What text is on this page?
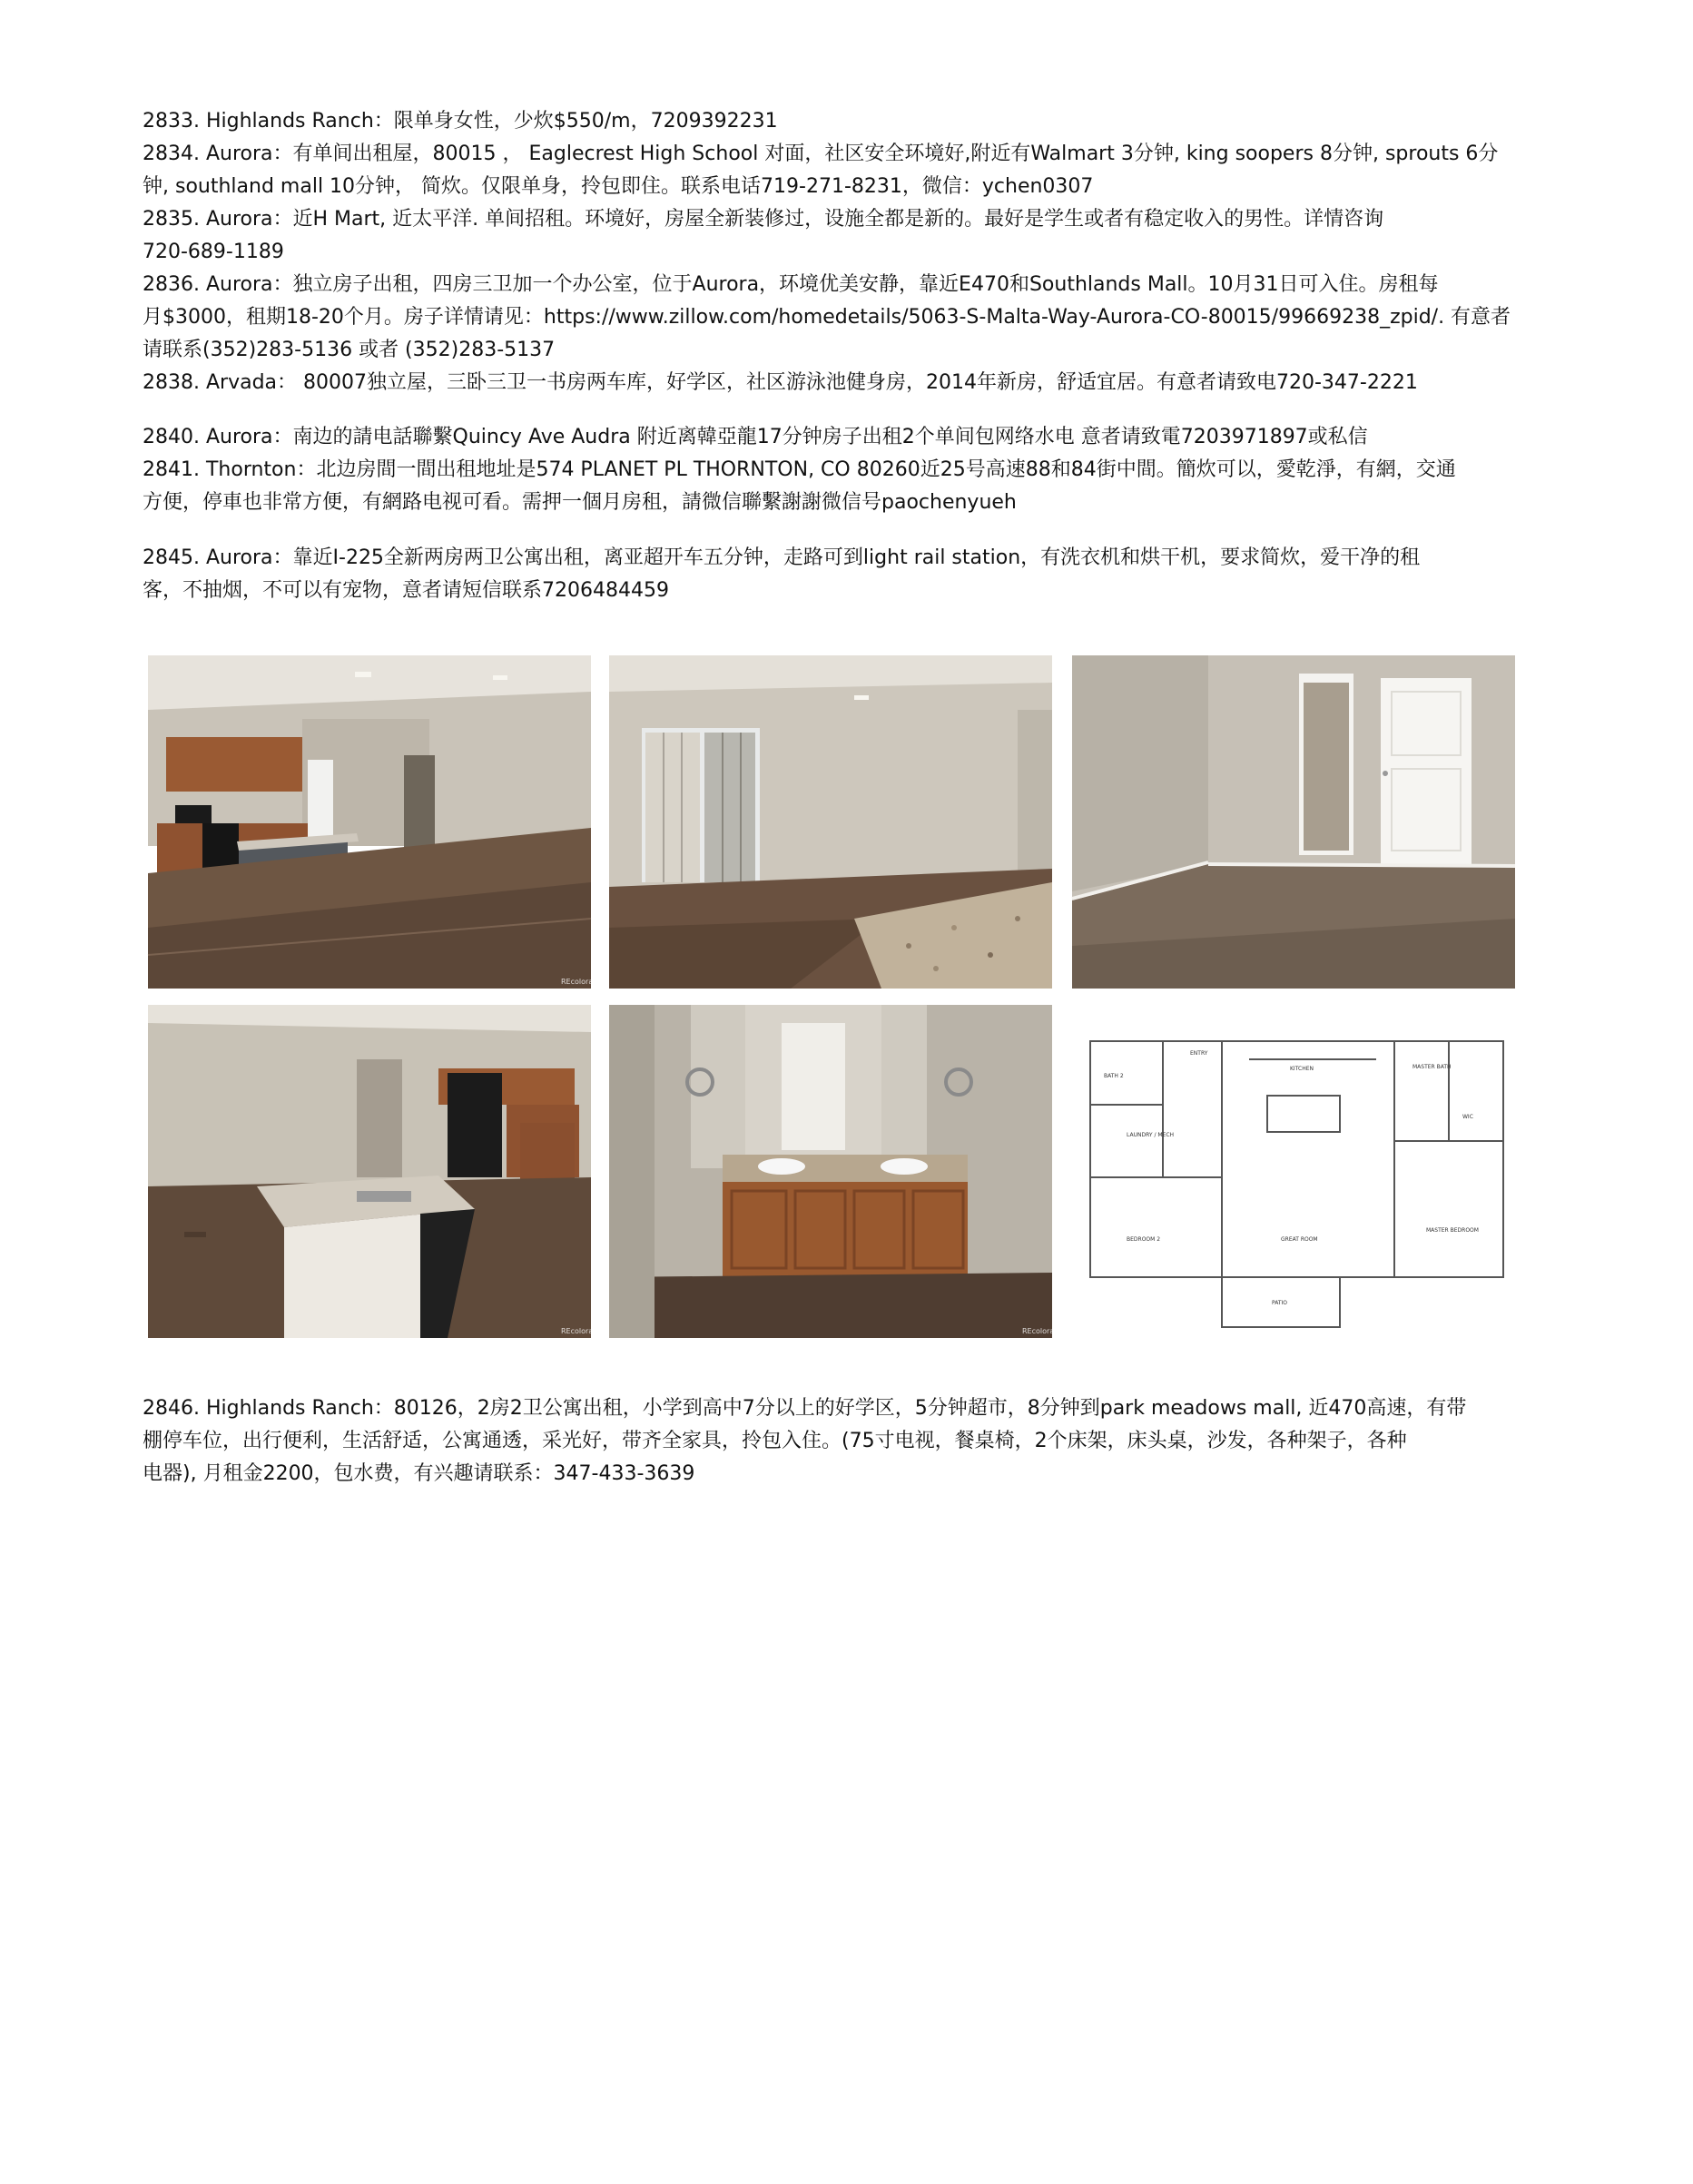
2833. Highlands Ranch：限单身女性，少炊$550/m，7209392231

2834. Aurora：有单间出租屋，80015 ， Eaglecrest High School 对面，社区安全环境好,附近有Walmart 3分钟, king soopers 8分钟, sprouts 6分

钟, southland mall 10分钟， 简炊。仅限单身，拎包即住。联系电话719-271-8231，微信：ychen0307

2835. Aurora：近H Mart, 近太平洋. 单间招租。环境好，房屋全新装修过，设施全都是新的。最好是学生或者有稳定收入的男性。详情咨询

720-689-1189

2836. Aurora：独立房子出租，四房三卫加一个办公室，位于Aurora，环境优美安静，靠近E470和Southlands Mall。10月31日可入住。房租每

月$3000，租期18-20个月。房子详情请见：https://www.zillow.com/homedetails/5063-S-Malta-Way-Aurora-CO-80015/99669238_zpid/. 有意者

请联系(352)283-5136 或者 (352)283-5137

2838. Arvada： 80007独立屋，三卧三卫一书房两车库，好学区，社区游泳池健身房，2014年新房，舒适宜居。有意者请致电720-347-2221

2840. Aurora：南边的請电話聯繫Quincy Ave Audra 附近离韓亞龍17分钟房子出租2个单间包网络水电 意者请致電7203971897或私信

2841. Thornton：北边房間一間出租地址是574 PLANET PL THORNTON, CO 80260近25号高速88和84街中間。簡炊可以，愛乾淨，有網，交通

方便，停車也非常方便，有網路电视可看。需押一個月房租，請微信聯繫謝謝微信号paochenyueh

2845. Aurora：靠近I-225全新两房两卫公寓出租，离亚超开车五分钟，走路可到light rail station，有洗衣机和烘干机，要求简炊，爱干净的租

客，不抽烟，不可以有宠物，意者请短信联系7206484459

REcolorado
REcolorado	REcolorado
ENTRY
BATH 2
KITCHEN	MASTER BATH
LAUNDRY / MECH
WIC
BEDROOM 2	GREAT ROOM
MASTER BEDROOM
PATIO

2846. Highlands Ranch：80126，2房2卫公寓出租，小学到高中7分以上的好学区，5分钟超市，8分钟到park meadows mall, 近470高速，有带

棚停车位，出行便利，生活舒适，公寓通透，采光好，带齐全家具，拎包入住。(75寸电视，餐桌椅，2个床架，床头桌，沙发，各种架子，各种

电器), 月租金2200，包水费，有兴趣请联系：347-433-3639
